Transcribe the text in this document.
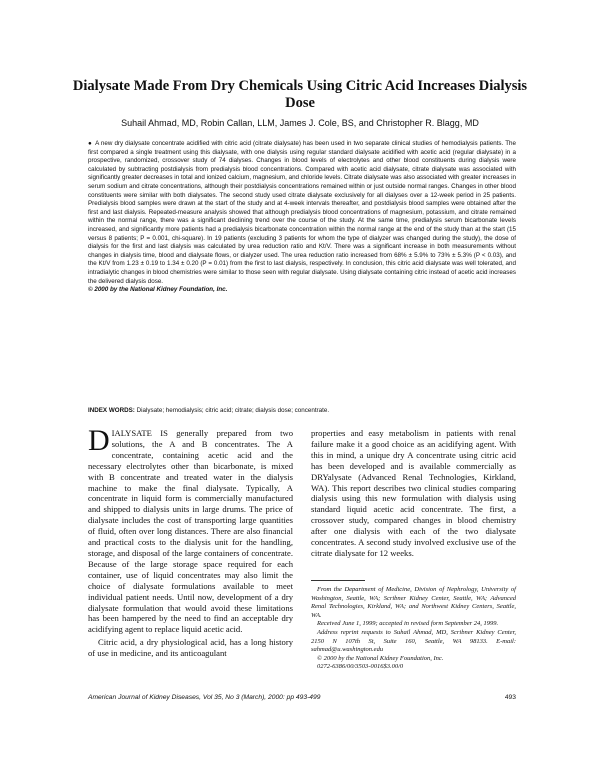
Dialysate Made From Dry Chemicals Using Citric Acid Increases Dialysis Dose

Suhail Ahmad, MD, Robin Callan, LLM, James J. Cole, BS, and Christopher R. Blagg, MD

● A new dry dialysate concentrate acidified with citric acid (citrate dialysate) has been used in two separate clinical studies of hemodialysis patients. The first compared a single treatment using this dialysate, with one dialysis using regular standard dialysate acidified with acetic acid (regular dialysate) in a prospective, randomized, crossover study of 74 dialyses. Changes in blood levels of electrolytes and other blood constituents during dialysis were calculated by subtracting postdialysis from predialysis blood concentrations. Compared with acetic acid dialysate, citrate dialysate was associated with significantly greater decreases in total and ionized calcium, magnesium, and chloride levels. Citrate dialysate was also associated with greater increases in serum sodium and citrate concentrations, although their postdialysis concentrations remained within or just outside normal ranges. Changes in other blood constituents were similar with both dialysates. The second study used citrate dialysate exclusively for all dialyses over a 12-week period in 25 patients. Predialysis blood samples were drawn at the start of the study and at 4-week intervals thereafter, and postdialysis blood samples were obtained after the first and last dialysis. Repeated-measure analysis showed that although predialysis blood concentrations of magnesium, potassium, and citrate remained within the normal range, there was a significant declining trend over the course of the study. At the same time, predialysis serum bicarbonate levels increased, and significantly more patients had a predialysis bicarbonate concentration within the normal range at the end of the study than at the start (15 versus 8 patients; P = 0.001, chi-square). In 19 patients (excluding 3 patients for whom the type of dialyzer was changed during the study), the dose of dialysis for the first and last dialysis was calculated by urea reduction ratio and Kt/V. There was a significant increase in both measurements without changes in dialysis time, blood and dialysate flows, or dialyzer used. The urea reduction ratio increased from 68% ± 5.9% to 73% ± 5.3% (P < 0.03), and the Kt/V from 1.23 ± 0.19 to 1.34 ± 0.20 (P = 0.01) from the first to last dialysis, respectively. In conclusion, this citric acid dialysate was well tolerated, and intradialytic changes in blood chemistries were similar to those seen with regular dialysate. Using dialysate containing citric instead of acetic acid increases the delivered dialysis dose.
© 2000 by the National Kidney Foundation, Inc.

INDEX WORDS: Dialysate; hemodialysis; citric acid; citrate; dialysis dose; concentrate.

DIALYSATE IS generally prepared from two solutions, the A and B concentrates. The A concentrate, containing acetic acid and the necessary electrolytes other than bicarbonate, is mixed with B concentrate and treated water in the dialysis machine to make the final dialysate. Typically, A concentrate in liquid form is commercially manufactured and shipped to dialysis units in large drums. The price of dialysate includes the cost of transporting large quantities of fluid, often over long distances. There are also financial and practical costs to the dialysis unit for the handling, storage, and disposal of the large containers of concentrate. Because of the large storage space required for each container, use of liquid concentrates may also limit the choice of dialysate formulations available to meet individual patient needs. Until now, development of a dry dialysate formulation that would avoid these limitations has been hampered by the need to find an acceptable dry acidifying agent to replace liquid acetic acid.

Citric acid, a dry physiological acid, has a long history of use in medicine, and its anticoagulant

properties and easy metabolism in patients with renal failure make it a good choice as an acidifying agent. With this in mind, a unique dry A concentrate using citric acid has been developed and is available commercially as DRYalysate (Advanced Renal Technologies, Kirkland, WA). This report describes two clinical studies comparing dialysis using this new formulation with dialysis using standard liquid acetic acid concentrate. The first, a crossover study, compared changes in blood chemistry after one dialysis with each of the two dialysate concentrates. A second study involved exclusive use of the citrate dialysate for 12 weeks.

From the Department of Medicine, Division of Nephrology, University of Washington, Seattle, WA; Scribner Kidney Center, Seattle, WA; Advanced Renal Technologies, Kirkland, WA; and Northwest Kidney Centers, Seattle, WA.

Received June 1, 1999; accepted in revised form September 24, 1999.

Address reprint requests to Suhail Ahmad, MD, Scribner Kidney Center, 2150 N 107th St, Suite 160, Seattle, WA 98133. E-mail: sahmad@u.washington.edu

© 2000 by the National Kidney Foundation, Inc.

0272-6386/00/3503-0016$3.00/0

American Journal of Kidney Diseases, Vol 35, No 3 (March), 2000: pp 493-499	493
